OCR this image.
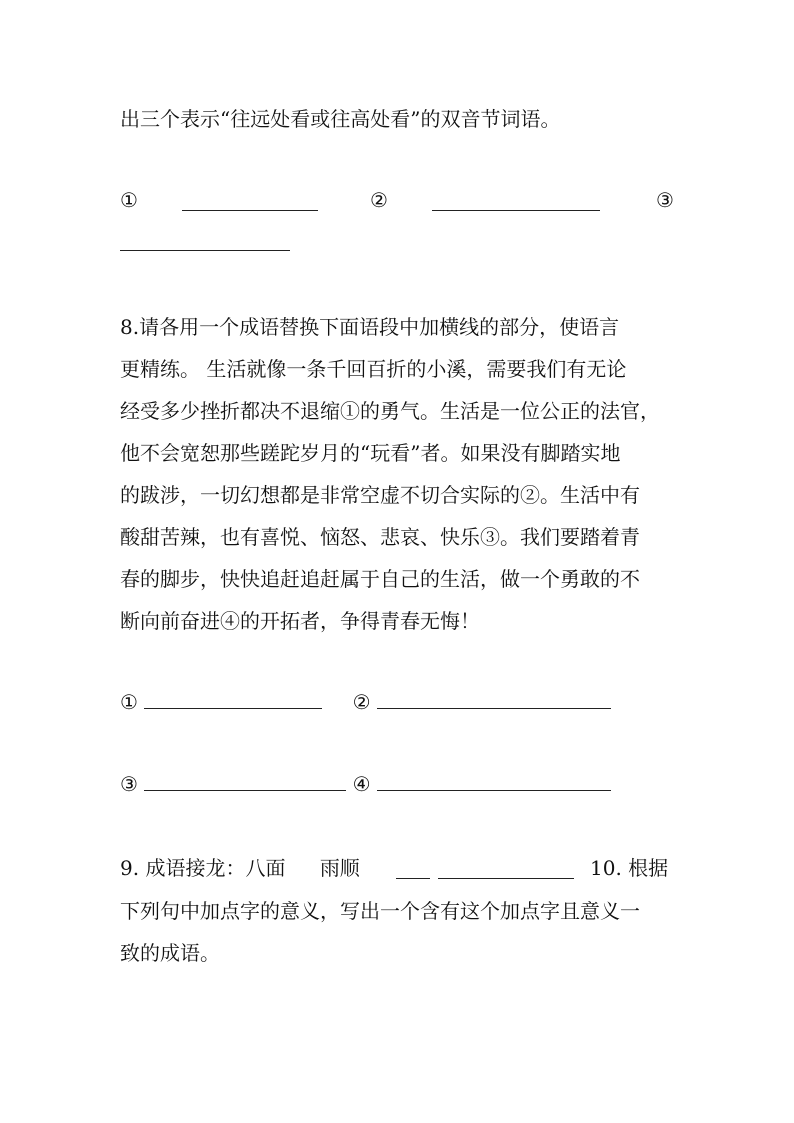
出三个表示“往远处看或往高处看”的双音节词语。
①	②	③
8.请各用一个成语替换下面语段中加横线的部分，使语言
更精练。 生活就像一条千回百折的小溪，需要我们有无论
经受多少挫折都决不退缩①的勇气。生活是一位公正的法官，
他不会宽恕那些蹉跎岁月的“玩看”者。如果没有脚踏实地
的跋涉，一切幻想都是非常空虚不切合实际的②。生活中有
酸甜苦辣，也有喜悦、恼怒、悲哀、快乐③。我们要踏着青
春的脚步，快快追赶追赶属于自己的生活，做一个勇敢的不
断向前奋进④的开拓者，争得青春无悔！
①	②
③	④
9. 成语接龙：八面 雨顺	10. 根据
下列句中加点字的意义，写出一个含有这个加点字且意义一
致的成语。
